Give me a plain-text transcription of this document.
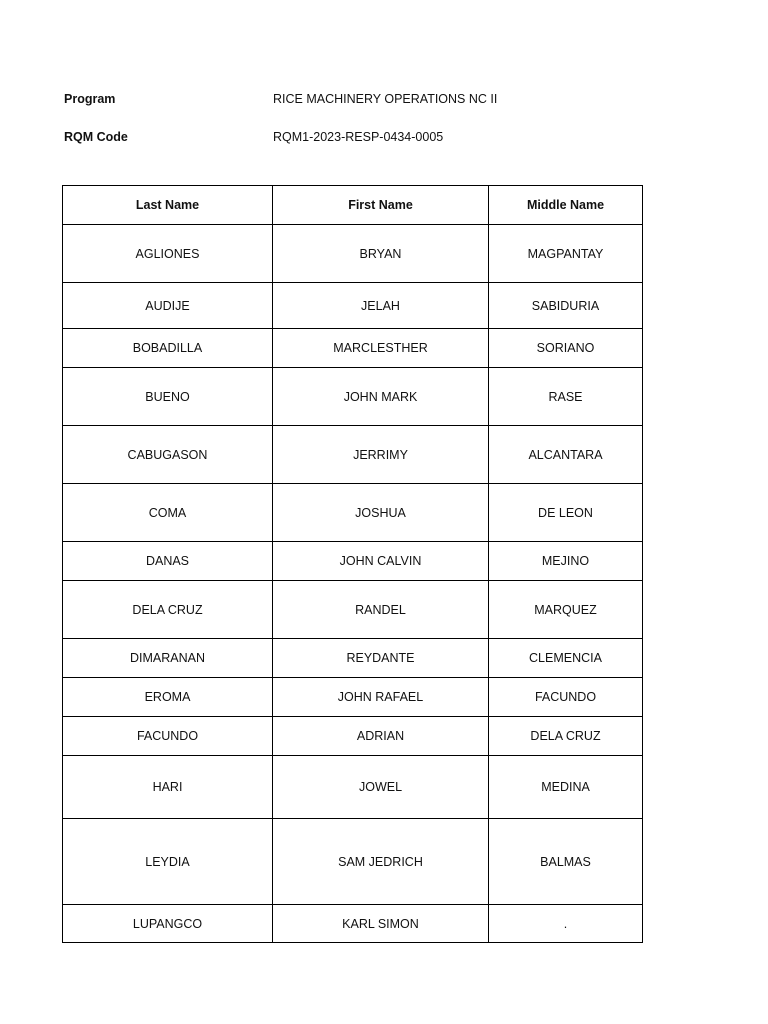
Program	RICE MACHINERY OPERATIONS NC II
RQM Code	RQM1-2023-RESP-0434-0005
Last Name	First Name	Middle Name
AGLIONES	BRYAN	MAGPANTAY
AUDIJE	JELAH	SABIDURIA
BOBADILLA	MARCLESTHER	SORIANO
BUENO	JOHN MARK	RASE
CABUGASON	JERRIMY	ALCANTARA
COMA	JOSHUA	DE LEON
DANAS	JOHN CALVIN	MEJINO
DELA CRUZ	RANDEL	MARQUEZ
DIMARANAN	REYDANTE	CLEMENCIA
EROMA	JOHN RAFAEL	FACUNDO
FACUNDO	ADRIAN	DELA CRUZ
HARI	JOWEL	MEDINA
LEYDIA	SAM JEDRICH	BALMAS
LUPANGCO	KARL SIMON	.
